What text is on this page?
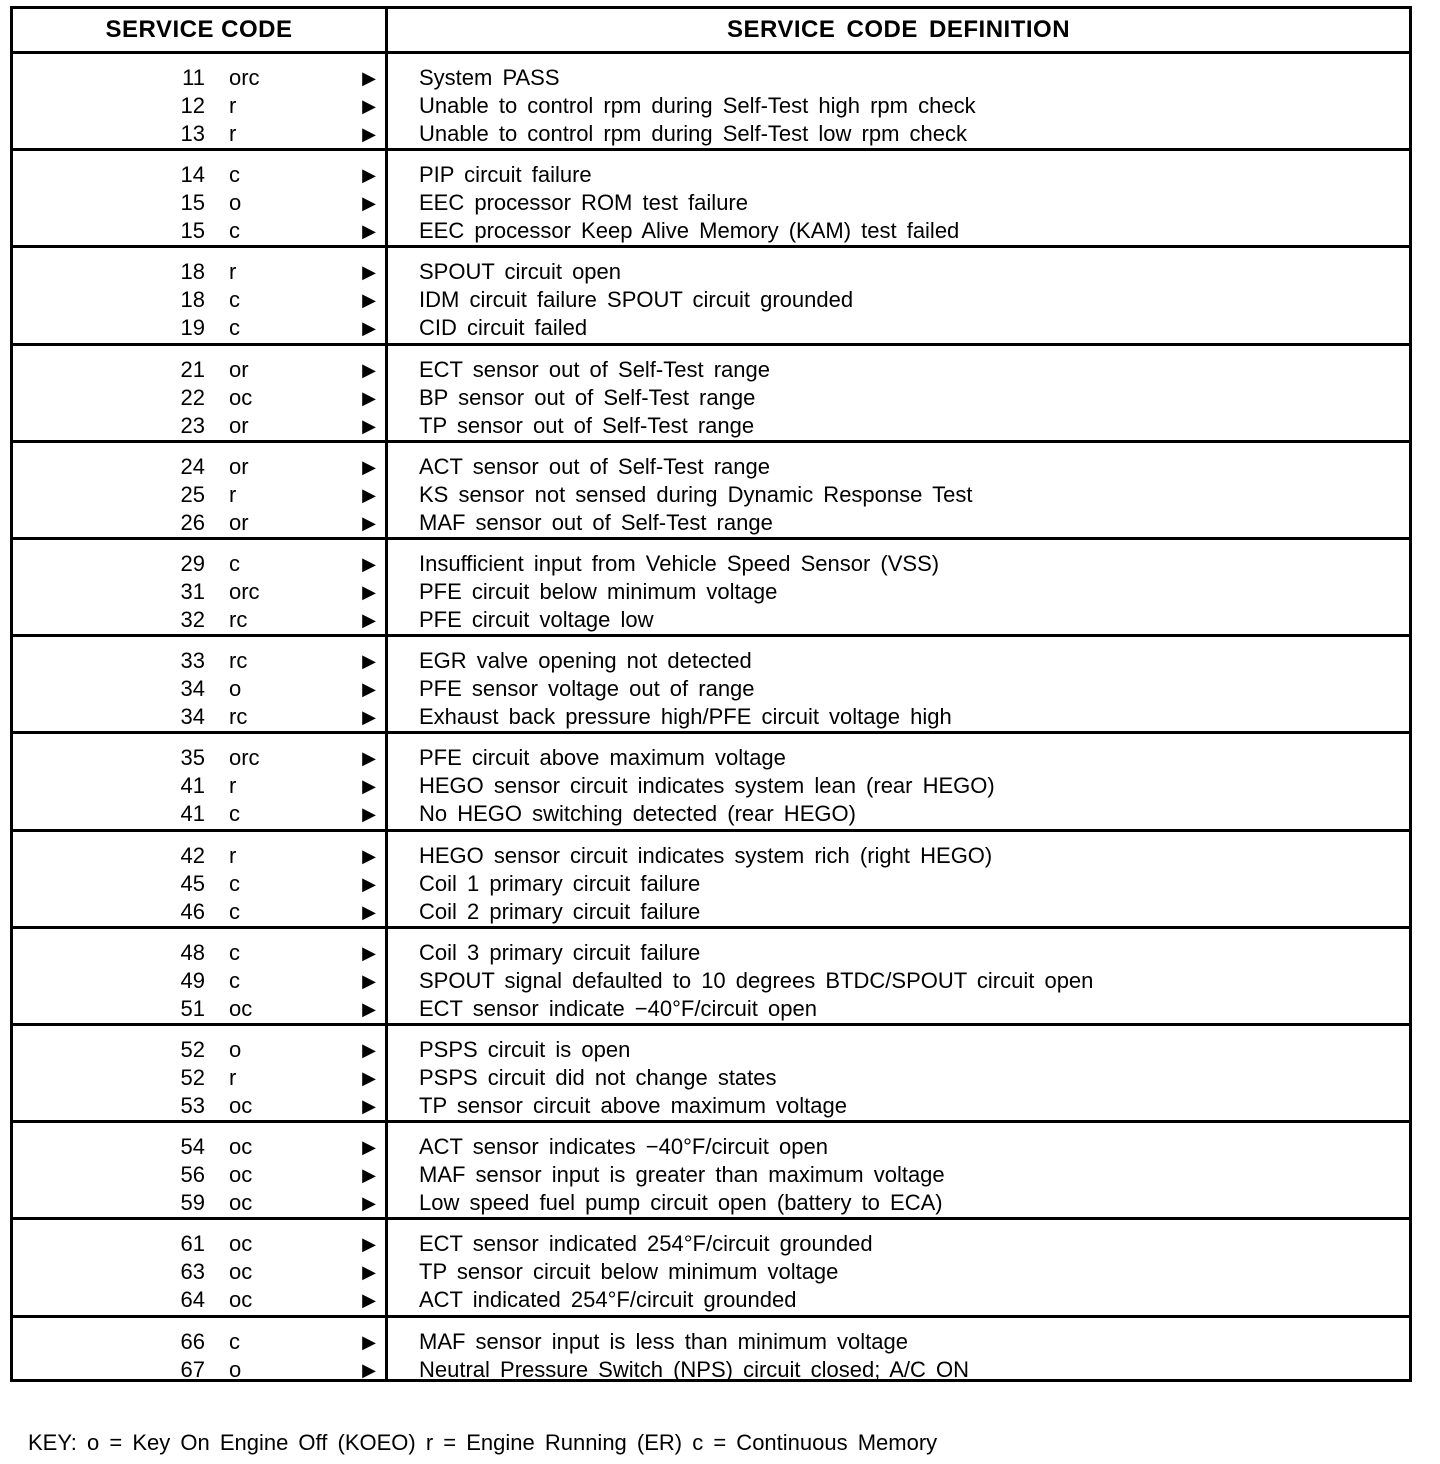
SERVICE CODE	SERVICE CODE DEFINITION
11 orc	▶ System PASS
12 r	▶ Unable to control rpm during Self-Test high rpm check
13 r	▶ Unable to control rpm during Self-Test low rpm check
14 c	▶ PIP circuit failure
15 o	▶ EEC processor ROM test failure
15 c	▶ EEC processor Keep Alive Memory (KAM) test failed
18 r	▶ SPOUT circuit open
18 c	▶ IDM circuit failure SPOUT circuit grounded
19 c	▶ CID circuit failed
21 or	▶ ECT sensor out of Self-Test range
22 oc	▶ BP sensor out of Self-Test range
23 or	▶ TP sensor out of Self-Test range
24 or	▶ ACT sensor out of Self-Test range
25 r	▶ KS sensor not sensed during Dynamic Response Test
26 or	▶ MAF sensor out of Self-Test range
29 c	▶ Insufficient input from Vehicle Speed Sensor (VSS)
31 orc	▶ PFE circuit below minimum voltage
32 rc	▶ PFE circuit voltage low
33 rc	▶ EGR valve opening not detected
34 o	▶ PFE sensor voltage out of range
34 rc	▶ Exhaust back pressure high/PFE circuit voltage high
35 orc	▶ PFE circuit above maximum voltage
41 r	▶ HEGO sensor circuit indicates system lean (rear HEGO)
41 c	▶ No HEGO switching detected (rear HEGO)
42 r	▶ HEGO sensor circuit indicates system rich (right HEGO)
45 c	▶ Coil 1 primary circuit failure
46 c	▶ Coil 2 primary circuit failure
48 c	▶ Coil 3 primary circuit failure
49 c	▶ SPOUT signal defaulted to 10 degrees BTDC/SPOUT circuit open
51 oc	▶ ECT sensor indicate −40°F/circuit open
52 o	▶ PSPS circuit is open
52 r	▶ PSPS circuit did not change states
53 oc	▶ TP sensor circuit above maximum voltage
54 oc	▶ ACT sensor indicates −40°F/circuit open
56 oc	▶ MAF sensor input is greater than maximum voltage
59 oc	▶ Low speed fuel pump circuit open (battery to ECA)
61 oc	▶ ECT sensor indicated 254°F/circuit grounded
63 oc	▶ TP sensor circuit below minimum voltage
64 oc	▶ ACT indicated 254°F/circuit grounded
66 c	▶ MAF sensor input is less than minimum voltage
67 o	▶ Neutral Pressure Switch (NPS) circuit closed; A/C ON
KEY: o = Key On Engine Off (KOEO) r = Engine Running (ER) c = Continuous Memory
